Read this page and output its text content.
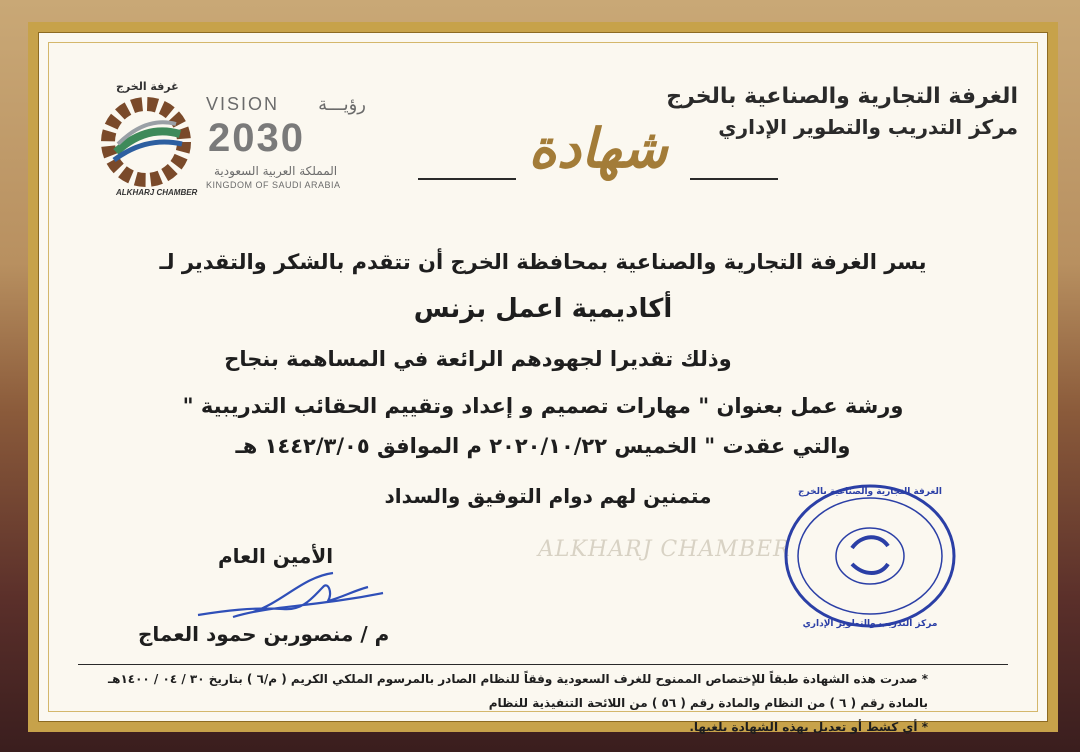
الغرفة التجارية والصناعية بالخرج
مركز التدريب والتطوير الإداري
شهادة
VISION رؤيـــة
2030
المملكة العربية السعودية
KINGDOM OF SAUDI ARABIA
غرفة الخرج
ALKHARJ CHAMBER
يسر الغرفة التجارية والصناعية بمحافظة الخرج أن تتقدم بالشكر والتقدير لـ
أكاديمية اعمل بزنس
وذلك تقديرا لجهودهم الرائعة في المساهمة بنجاح
ورشة عمل بعنوان " مهارات تصميم و إعداد وتقييم الحقائب التدريبية "
والتي عقدت " الخميس ٢٠٢٠/١٠/٢٢ م الموافق ١٤٤٢/٣/٠٥ هـ
متمنين لهم دوام التوفيق والسداد
ALKHARJ CHAMBER
الأمين العام
م / منصوربن حمود العماج
الغرفة التجارية والصناعية بالخرج
مركز التدريب والتطوير الإداري
* صدرت هذه الشهادة طبقاً للإختصاص الممنوح للغرف السعودية وفقاً للنظام الصادر بالمرسوم الملكي الكريم ( م/٦ ) بتاريخ ٣٠ / ٠٤ / ١٤٠٠هـ
بالمادة رقم ( ٦ ) من النظام والمادة رقم ( ٥٦ ) من اللائحة التنفيذية للنظام
* أي كشط أو تعديل يهذه الشهادة يلغيها.
